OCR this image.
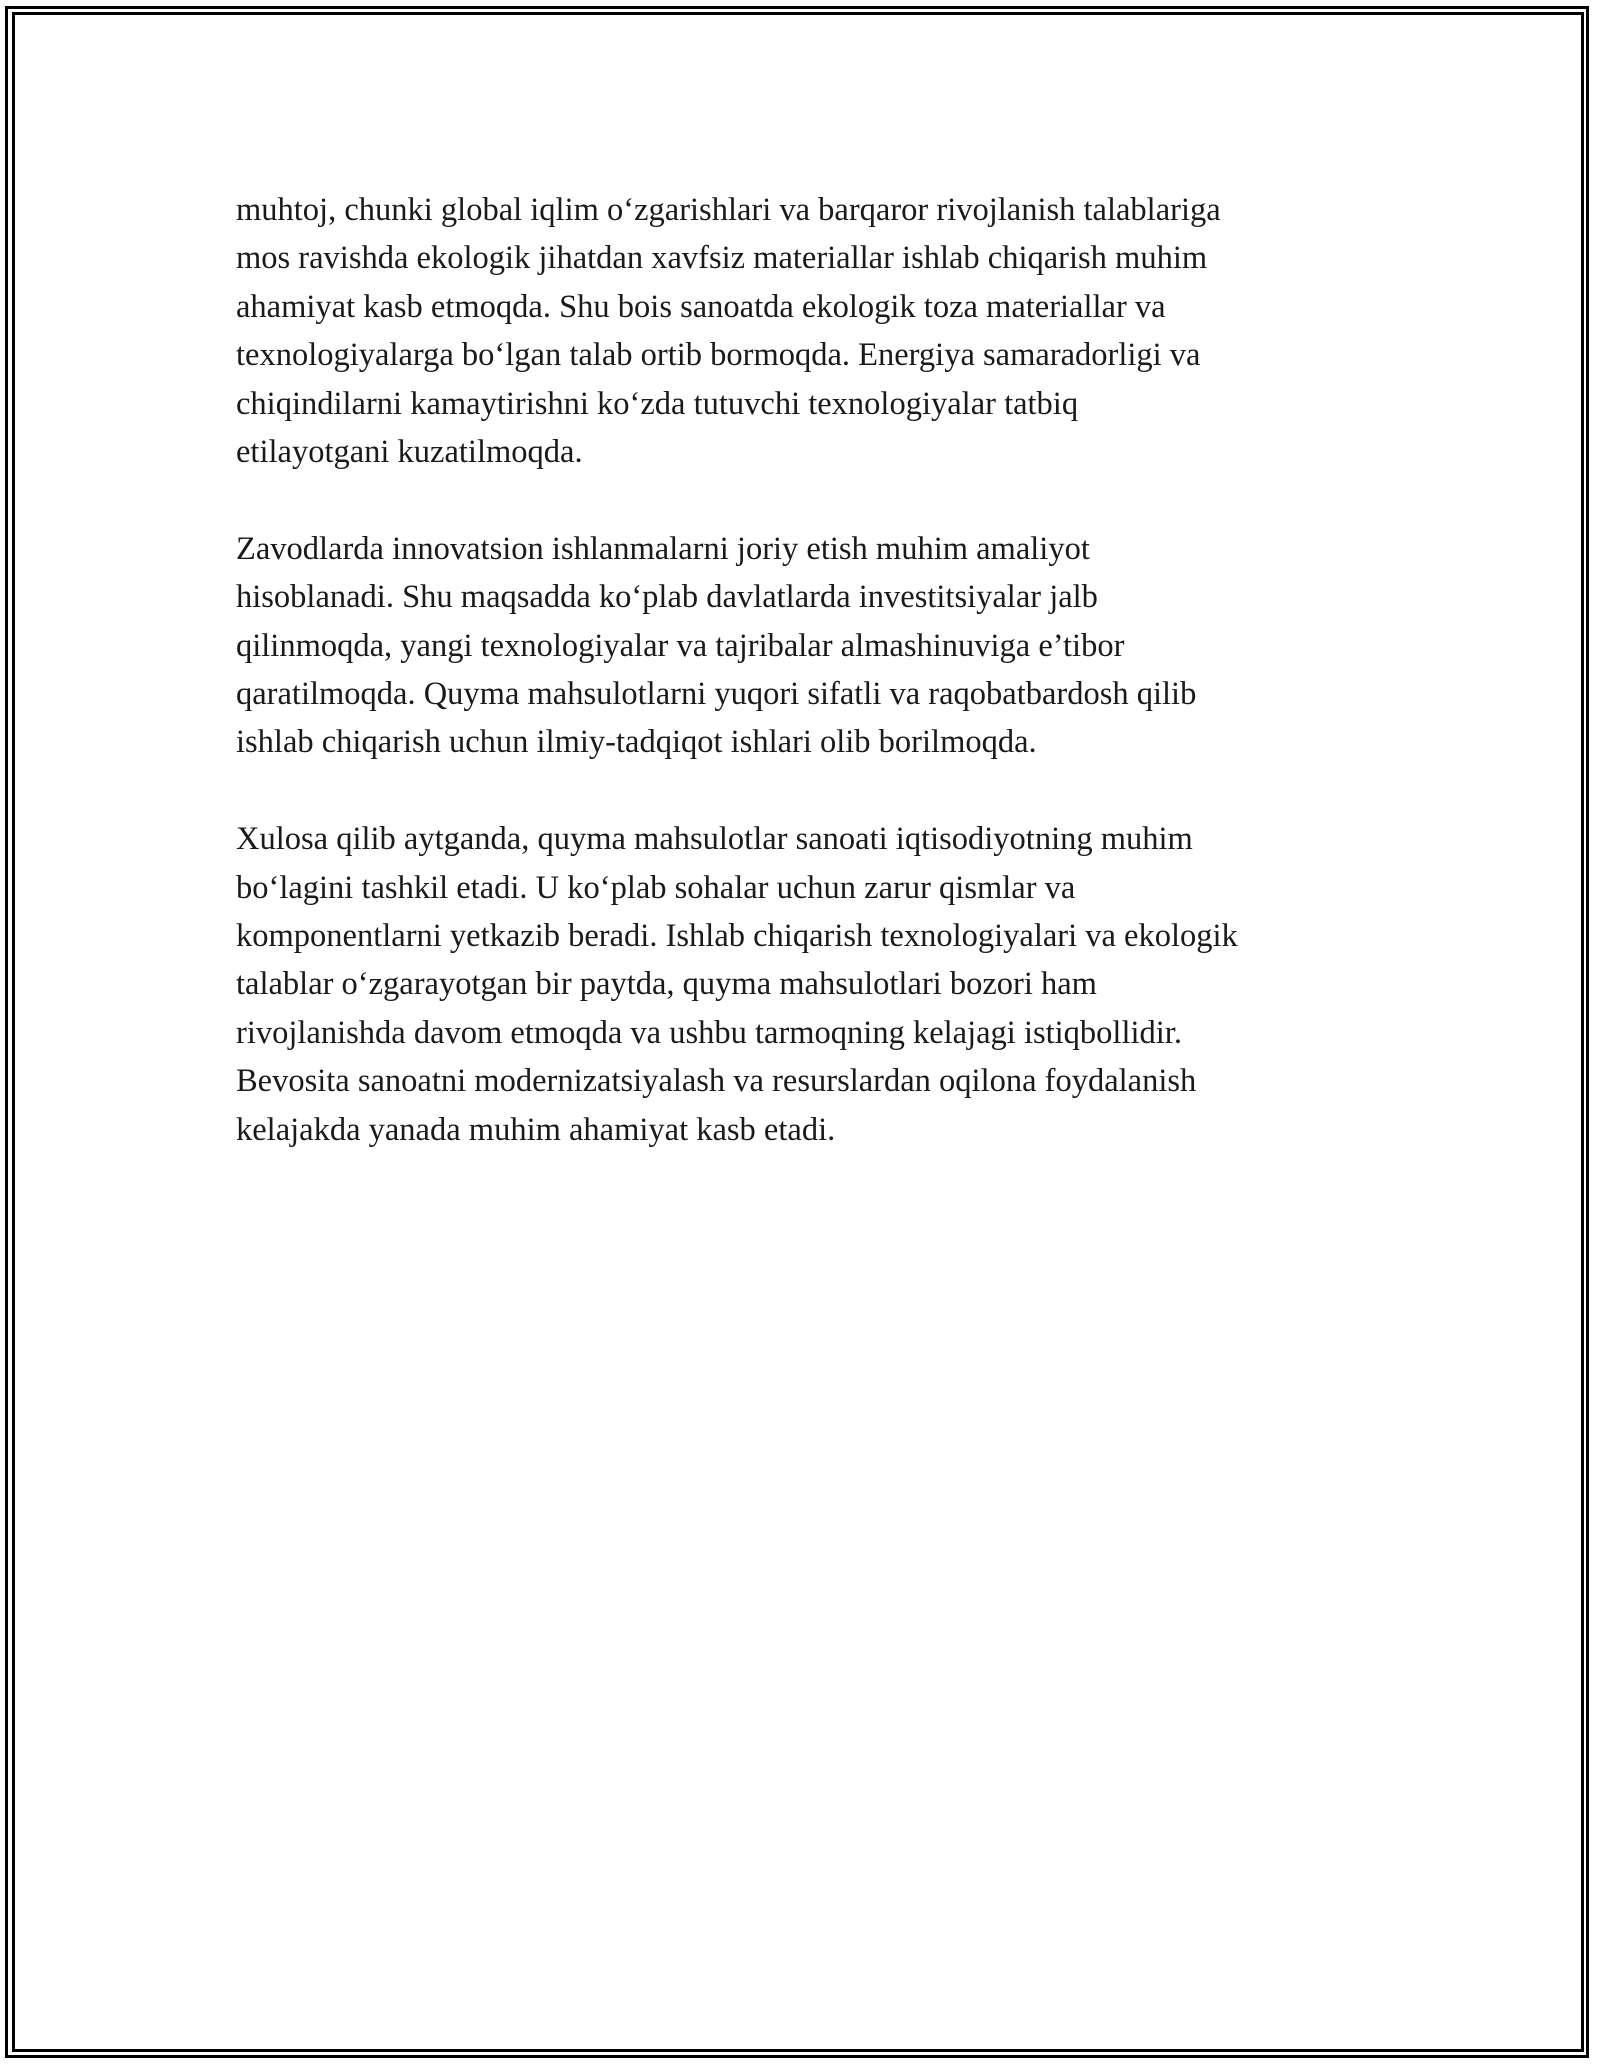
muhtoj, chunki global iqlim o‘zgarishlari va barqaror rivojlanish talablariga
mos ravishda ekologik jihatdan xavfsiz materiallar ishlab chiqarish muhim
ahamiyat kasb etmoqda. Shu bois sanoatda ekologik toza materiallar va
texnologiyalarga bo‘lgan talab ortib bormoqda. Energiya samaradorligi va
chiqindilarni kamaytirishni ko‘zda tutuvchi texnologiyalar tatbiq
etilayotgani kuzatilmoqda.

Zavodlarda innovatsion ishlanmalarni joriy etish muhim amaliyot
hisoblanadi. Shu maqsadda ko‘plab davlatlarda investitsiyalar jalb
qilinmoqda, yangi texnologiyalar va tajribalar almashinuviga e’tibor
qaratilmoqda. Quyma mahsulotlarni yuqori sifatli va raqobatbardosh qilib
ishlab chiqarish uchun ilmiy-tadqiqot ishlari olib borilmoqda.

Xulosa qilib aytganda, quyma mahsulotlar sanoati iqtisodiyotning muhim
bo‘lagini tashkil etadi. U ko‘plab sohalar uchun zarur qismlar va
komponentlarni yetkazib beradi. Ishlab chiqarish texnologiyalari va ekologik
talablar o‘zgarayotgan bir paytda, quyma mahsulotlari bozori ham
rivojlanishda davom etmoqda va ushbu tarmoqning kelajagi istiqbollidir.
Bevosita sanoatni modernizatsiyalash va resurslardan oqilona foydalanish
kelajakda yanada muhim ahamiyat kasb etadi.
